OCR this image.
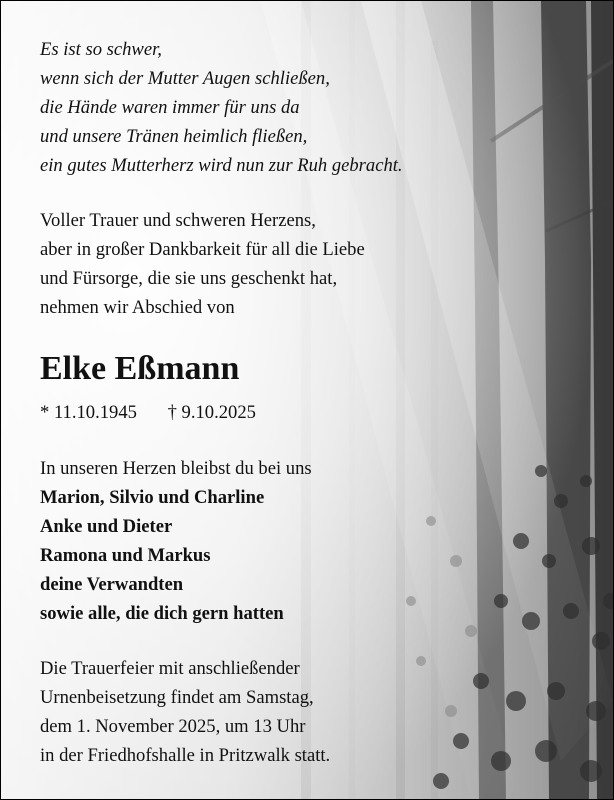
Es ist so schwer,
wenn sich der Mutter Augen schließen,
die Hände waren immer für uns da
und unsere Tränen heimlich fließen,
ein gutes Mutterherz wird nun zur Ruh gebracht.
Voller Trauer und schweren Herzens,
aber in großer Dankbarkeit für all die Liebe
und Fürsorge, die sie uns geschenkt hat,
nehmen wir Abschied von
Elke Eßmann
* 11.10.1945 † 9.10.2025
In unseren Herzen bleibst du bei uns
Marion, Silvio und Charline
Anke und Dieter
Ramona und Markus
deine Verwandten
sowie alle, die dich gern hatten
Die Trauerfeier mit anschließender
Urnenbeisetzung findet am Samstag,
dem 1. November 2025, um 13 Uhr
in der Friedhofshalle in Pritzwalk statt.
